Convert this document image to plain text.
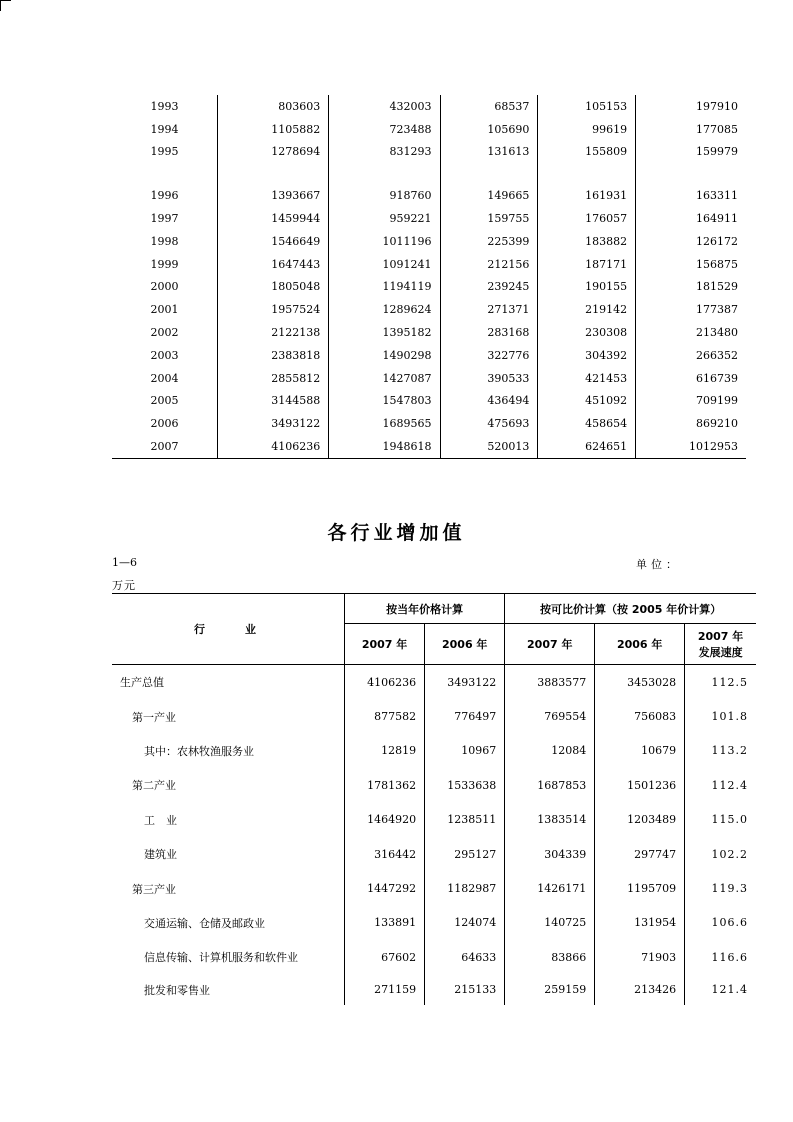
1993	803603	432003	68537	105153	197910
1994	1105882	723488	105690	99619	177085
1995	1278694	831293	131613	155809	159979

1996	1393667	918760	149665	161931	163311
1997	1459944	959221	159755	176057	164911
1998	1546649	1011196	225399	183882	126172
1999	1647443	1091241	212156	187171	156875
2000	1805048	1194119	239245	190155	181529
2001	1957524	1289624	271371	219142	177387
2002	2122138	1395182	283168	230308	213480
2003	2383818	1490298	322776	304392	266352
2004	2855812	1427087	390533	421453	616739
2005	3144588	1547803	436494	451092	709199
2006	3493122	1689565	475693	458654	869210
2007	4106236	1948618	520013	624651	1012953
各行业增加值
1—6	单位：
万元
行　　业	按当年价格计算		按可比价计算（按 2005 年价计算）		
	2007 年	2006 年	2007 年	2006 年	2007 年
发展速度

生产总值	4106236	3493122	3883577	3453028	112.5
第一产业	877582	776497	769554	756083	101.8
其中：农林牧渔服务业	12819	10967	12084	10679	113.2
第二产业	1781362	1533638	1687853	1501236	112.4
工　业	1464920	1238511	1383514	1203489	115.0
建筑业	316442	295127	304339	297747	102.2
第三产业	1447292	1182987	1426171	1195709	119.3
交通运输、仓储及邮政业	133891	124074	140725	131954	106.6
信息传输、计算机服务和软件业	67602	64633	83866	71903	116.6
批发和零售业	271159	215133	259159	213426	121.4
